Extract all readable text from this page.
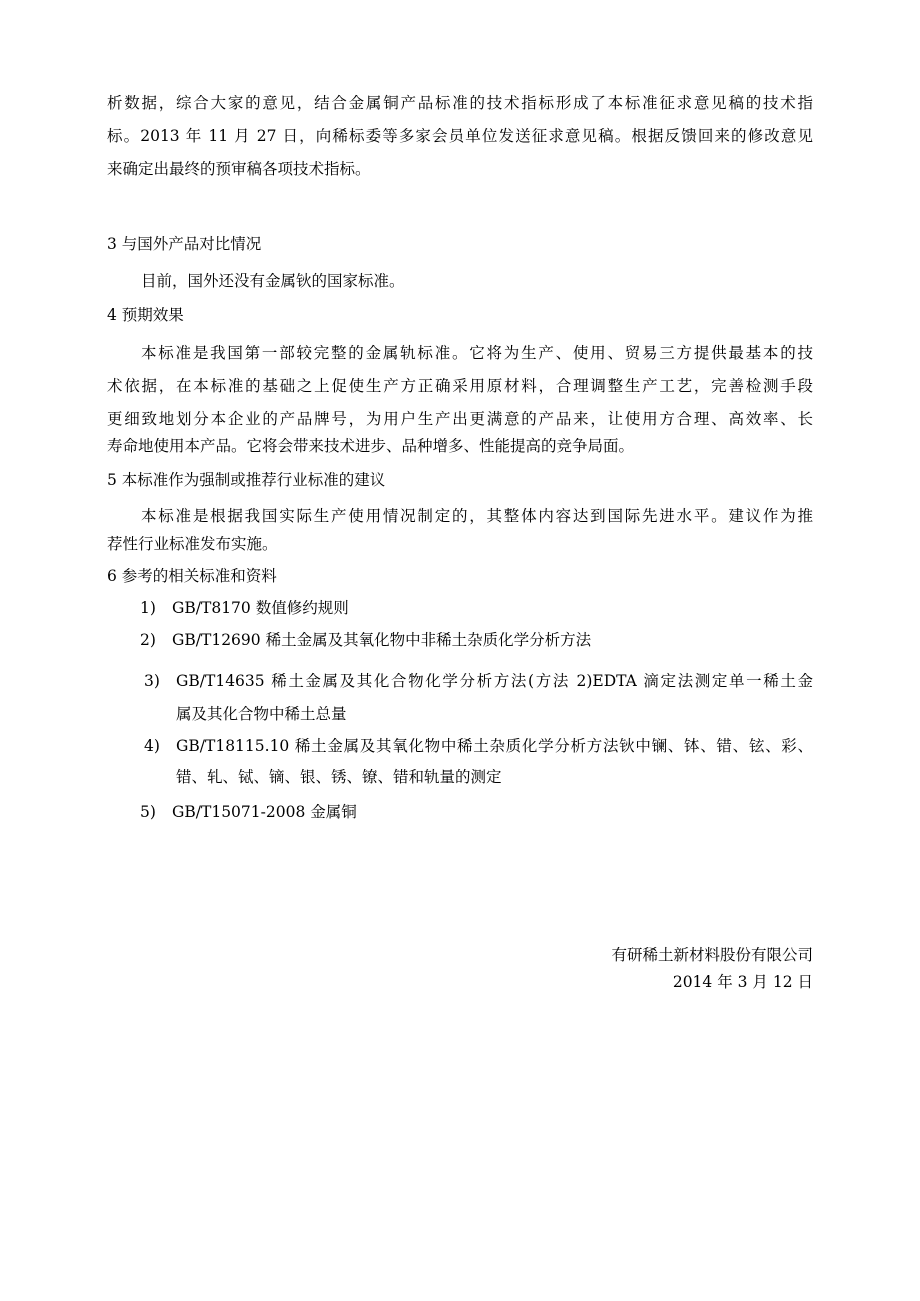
析数据，综合大家的意见，结合金属铜产品标准的技术指标形成了本标准征求意见稿的技术指
标。2013 年 11 月 27 日，向稀标委等多家会员单位发送征求意见稿。根据反馈回来的修改意见
来确定出最终的预审稿各项技术指标。
3 与国外产品对比情况
目前，国外还没有金属钬的国家标准。
4 预期效果
本标准是我国第一部较完整的金属轨标准。它将为生产、使用、贸易三方提供最基本的技
术依据，在本标准的基础之上促使生产方正确采用原材料，合理调整生产工艺，完善检测手段
更细致地划分本企业的产品牌号，为用户生产出更满意的产品来，让使用方合理、高效率、长
寿命地使用本产品。它将会带来技术进步、品种增多、性能提高的竞争局面。
5 本标准作为强制或推荐行业标准的建议
本标准是根据我国实际生产使用情况制定的，其整体内容达到国际先进水平。建议作为推
荐性行业标准发布实施。
6 参考的相关标准和资料
1) GB/T8170 数值修约规则
2) GB/T12690 稀土金属及其氧化物中非稀土杂质化学分析方法
3) GB/T14635 稀土金属及其化合物化学分析方法(方法 2)EDTA 滴定法测定单一稀土金
属及其化合物中稀土总量
4) GB/T18115.10 稀土金属及其氧化物中稀土杂质化学分析方法钬中镧、钵、错、铉、彩、
错、轧、铽、镝、银、锈、镣、错和轨量的测定
5) GB/T15071-2008 金属铜
有研稀土新材料股份有限公司
2014 年 3 月 12 日
